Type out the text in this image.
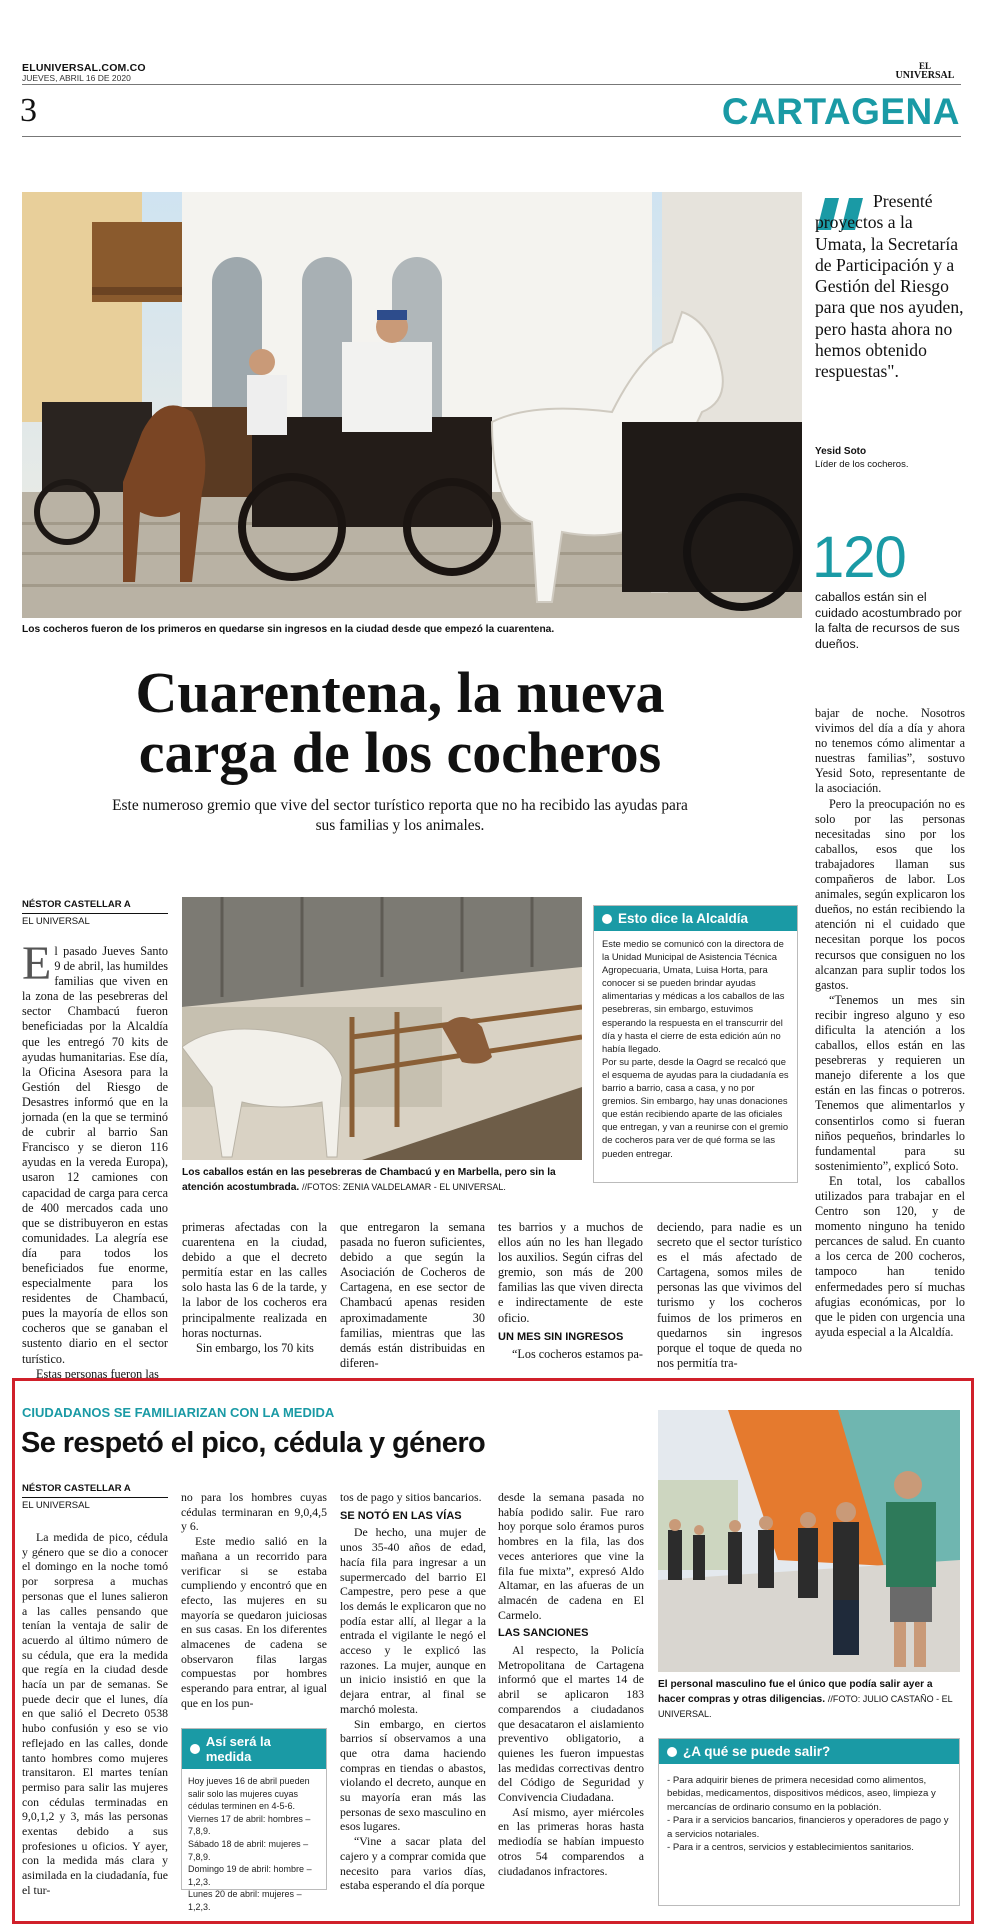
ELUNIVERSAL.COM.CO
JUEVES, ABRIL 16 DE 2020
EL
UNIVERSAL
3	CARTAGENA
Los cocheros fueron de los primeros en quedarse sin ingresos en la ciudad desde que empezó la cuarentena.
Presenté proyectos a la Umata, la Secretaría de Participación y a Gestión del Riesgo para que nos ayuden, pero hasta ahora no hemos obtenido respuestas".
Yesid Soto
Líder de los cocheros.
120
caballos están sin el cuidado acostumbrado por la falta de recursos de sus dueños.
Cuarentena, la nueva
carga de los cocheros
Este numeroso gremio que vive del sector turístico reporta que no ha recibido las ayudas para sus familias y los animales.
NÉSTOR CASTELLAR A
EL UNIVERSAL

El pasado Jueves Santo 9 de abril, las humildes familias que viven en la zona de las pesebreras del sector Chambacú fueron beneficiadas por la Alcaldía que les entregó 70 kits de ayudas humanitarias. Ese día, la Oficina Asesora para la Gestión del Riesgo de Desastres informó que en la jornada (en la que se terminó de cubrir al barrio San Francisco y se dieron 116 ayudas en la vereda Europa), usaron 12 camiones con capacidad de carga para cerca de 400 mercados cada uno que se distribuyeron en estas comunidades. La alegría ese día para todos los beneficiados fue enorme, especialmente para los residentes de Chambacú, pues la mayoría de ellos son cocheros que se ganaban el sustento diario en el sector turístico.

Estas personas fueron las

Los caballos están en las pesebreras de Chambacú y en Marbella, pero sin la atención acostumbrada. //FOTOS: ZENIA VALDELAMAR - EL UNIVERSAL.
Esto dice la Alcaldía

Este medio se comunicó con la directora de la Unidad Municipal de Asistencia Técnica Agropecuaria, Umata, Luisa Horta, para conocer si se pueden brindar ayudas alimentarias y médicas a los caballos de las pesebreras, sin embargo, estuvimos esperando la respuesta en el transcurrir del día y hasta el cierre de esta edición aún no había llegado.

Por su parte, desde la Oagrd se recalcó que el esquema de ayudas para la ciudadanía es barrio a barrio, casa a casa, y no por gremios. Sin embargo, hay unas donaciones que están recibiendo aparte de las oficiales que entregan, y van a reunirse con el gremio de cocheros para ver de qué forma se las pueden entregar.

primeras afectadas con la cuarentena en la ciudad, debido a que el decreto permitía estar en las calles solo hasta las 6 de la tarde, y la labor de los cocheros era principalmente realizada en horas nocturnas.

Sin embargo, los 70 kits

que entregaron la semana pasada no fueron suficientes, debido a que según la Asociación de Cocheros de Cartagena, en ese sector de Chambacú apenas residen aproximadamente 30 familias, mientras que las demás están distribuidas en diferen-

tes barrios y a muchos de ellos aún no les han llegado los auxilios. Según cifras del gremio, son más de 200 familias las que viven directa e indirectamente de este oficio.

UN MES SIN INGRESOS

“Los cocheros estamos pa-

deciendo, para nadie es un secreto que el sector turístico es el más afectado de Cartagena, somos miles de personas las que vivimos del turismo y los cocheros fuimos de los primeros en quedarnos sin ingresos porque el toque de queda no nos permitía tra-

bajar de noche. Nosotros vivimos del día a día y ahora no tenemos cómo alimentar a nuestras familias”, sostuvo Yesid Soto, representante de la asociación.

Pero la preocupación no es solo por las personas necesitadas sino por los caballos, esos que los trabajadores llaman sus compañeros de labor. Los animales, según explicaron los dueños, no están recibiendo la atención ni el cuidado que necesitan porque los pocos recursos que consiguen no los alcanzan para suplir todos los gastos.

“Tenemos un mes sin recibir ingreso alguno y eso dificulta la atención a los caballos, ellos están en las pesebreras y requieren un manejo diferente a los que están en las fincas o potreros. Tenemos que alimentarlos y consentirlos como si fueran niños pequeños, brindarles lo fundamental para su sostenimiento”, explicó Soto.

En total, los caballos utilizados para trabajar en el Centro son 120, y de momento ninguno ha tenido percances de salud. En cuanto a los cerca de 200 cocheros, tampoco han tenido enfermedades pero sí muchas afugias económicas, por lo que le piden con urgencia una ayuda especial a la Alcaldía.

CIUDADANOS SE FAMILIARIZAN CON LA MEDIDA
Se respetó el pico, cédula y género
NÉSTOR CASTELLAR A
EL UNIVERSAL

La medida de pico, cédula y género que se dio a conocer el domingo en la noche tomó por sorpresa a muchas personas que el lunes salieron a las calles pensando que tenían la ventaja de salir de acuerdo al último número de su cédula, que era la medida que regía en la ciudad desde hacía un par de semanas. Se puede decir que el lunes, día en que salió el Decreto 0538 hubo confusión y eso se vio reflejado en las calles, donde tanto hombres como mujeres transitaron. El martes tenían permiso para salir las mujeres con cédulas terminadas en 9,0,1,2 y 3, más las personas exentas debido a sus profesiones u oficios. Y ayer, con la medida más clara y asimilada en la ciudadanía, fue el tur-

no para los hombres cuyas cédulas terminaran en 9,0,4,5 y 6.

Este medio salió en la mañana a un recorrido para verificar si se estaba cumpliendo y encontró que en efecto, las mujeres en su mayoría se quedaron juiciosas en sus casas. En los diferentes almacenes de cadena se observaron filas largas compuestas por hombres esperando para entrar, al igual que en los pun-

Así será la medida

Hoy jueves 16 de abril pueden salir solo las mujeres cuyas cédulas terminen en 4-5-6.

Viernes 17 de abril: hombres – 7,8,9.

Sábado 18 de abril: mujeres – 7,8,9.

Domingo 19 de abril: hombre – 1,2,3.

Lunes 20 de abril: mujeres – 1,2,3.

tos de pago y sitios bancarios.

SE NOTÓ EN LAS VÍAS

De hecho, una mujer de unos 35-40 años de edad, hacía fila para ingresar a un supermercado del barrio El Campestre, pero pese a que los demás le explicaron que no podía estar allí, al llegar a la entrada el vigilante le negó el acceso y le explicó las razones. La mujer, aunque en un inicio insistió en que la dejara entrar, al final se marchó molesta.

Sin embargo, en ciertos barrios sí observamos a una que otra dama haciendo compras en tiendas o abastos, violando el decreto, aunque en su mayoría eran más las personas de sexo masculino en esos lugares.

“Vine a sacar plata del cajero y a comprar comida que necesito para varios días, estaba esperando el día porque

desde la semana pasada no había podido salir. Fue raro hoy porque solo éramos puros hombres en la fila, las dos veces anteriores que vine la fila fue mixta”, expresó Aldo Altamar, en las afueras de un almacén de cadena en El Carmelo.

LAS SANCIONES

Al respecto, la Policía Metropolitana de Cartagena informó que el martes 14 de abril se aplicaron 183 comparendos a ciudadanos que desacataron el aislamiento preventivo obligatorio, a quienes les fueron impuestas las medidas correctivas dentro del Código de Seguridad y Convivencia Ciudadana.

Así mismo, ayer miércoles en las primeras horas hasta mediodía se habían impuesto otros 54 comparendos a ciudadanos infractores.

El personal masculino fue el único que podía salir ayer a hacer compras y otras diligencias. //FOTO: JULIO CASTAÑO - EL UNIVERSAL.
¿A qué se puede salir?

- Para adquirir bienes de primera necesidad como alimentos, bebidas, medicamentos, dispositivos médicos, aseo, limpieza y mercancías de ordinario consumo en la población.

- Para ir a servicios bancarios, financieros y operadores de pago y a servicios notariales.

- Para ir a centros, servicios y establecimientos sanitarios.
